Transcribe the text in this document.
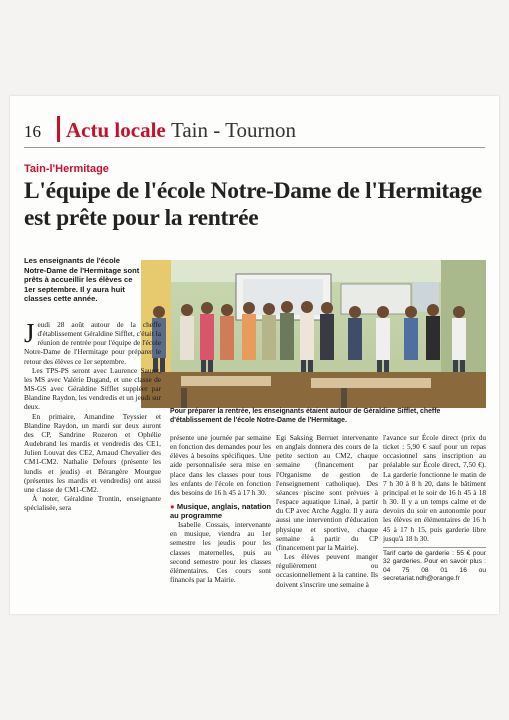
16 Actu locale Tain - Tournon
Tain-l'Hermitage
L'équipe de l'école Notre-Dame de l'Hermitage est prête pour la rentrée
Les enseignants de l'école Notre-Dame de l'Hermitage sont prêts à accueillir les élèves ce 1er septembre. Il y aura huit classes cette année.
Pour préparer la rentrée, les enseignants étaient autour de Géraldine Sifflet, cheffe d'établissement de l'école Notre-Dame de l'Hermitage.

Jeudi 28 août autour de la cheffe d'établissement Géraldine Sifflet, c'était la réunion de rentrée pour l'équipe de l'école Notre-Dame de l'Hermitage pour préparer le retour des élèves ce 1er septembre.

Les TPS-PS seront avec Laurence Sauret, les MS avec Valérie Dugand, et une classe de MS-GS avec Géraldine Sifflet suppléer par Blandine Raydon, les vendredis et un jeudi sur deux.

En primaire, Amandine Teyssier et Blandine Raydon, un mardi sur deux auront des CP, Sandrine Rozeron et Ophélie Audebrand les mardis et vendredis des CE1, Julien Louvat des CE2, Arnaud Chevalier des CM1-CM2. Nathalie Defours (présente les lundis et jeudis) et Bérangère Mourgue (présentes les mardis et vendredis) ont aussi une classe de CM1-CM2.

À noter, Géraldine Trontin, enseignante spécialisée, sera

présente une journée par semaine en fonction des demandes pour les élèves à besoins spécifiques. Une aide personnalisée sera mise en place dans les classes pour tous les enfants de l'école en fonction des besoins de 16 h 45 à 17 h 30.

● Musique, anglais, natation au programme

Isabelle Cossais, intervenante en musique, viendra au 1er semestre les jeudis pour les classes maternelles, puis au second semestre pour les classes élémentaires. Ces cours sont financés par la Mairie.

Egi Saksing Berruet intervenante en anglais donnera des cours de la petite section au CM2, chaque semaine (financement par l'Organisme de gestion de l'enseignement catholique). Des séances piscine sont prévues à l'espace aquatique Linaë, à partir du CP avec Arche Agglo. Il y aura aussi une intervention d'éducation physique et sportive, chaque semaine à partir du CP (financement par la Mairie).

Les élèves peuvent manger régulièrement ou occasionnellement à la cantine. Ils doivent s'inscrire une semaine à

l'avance sur École direct (prix du ticket : 5,90 € sauf pour un repas occasionnel sans inscription au préalable sur École direct, 7,50 €). La garderie fonctionne le matin de 7 h 30 à 8 h 20, dans le bâtiment principal et le soir de 16 h 45 à 18 h 30. Il y a un temps calme et de devoirs du soir en autonomie pour les élèves en élémentaires de 16 h 45 à 17 h 15, puis garderie libre jusqu'à 18 h 30.

Tarif carte de garderie : 55 € pour 32 garderies. Pour en savoir plus : 04 75 08 01 16 ou secretariat.ndh@orange.fr
